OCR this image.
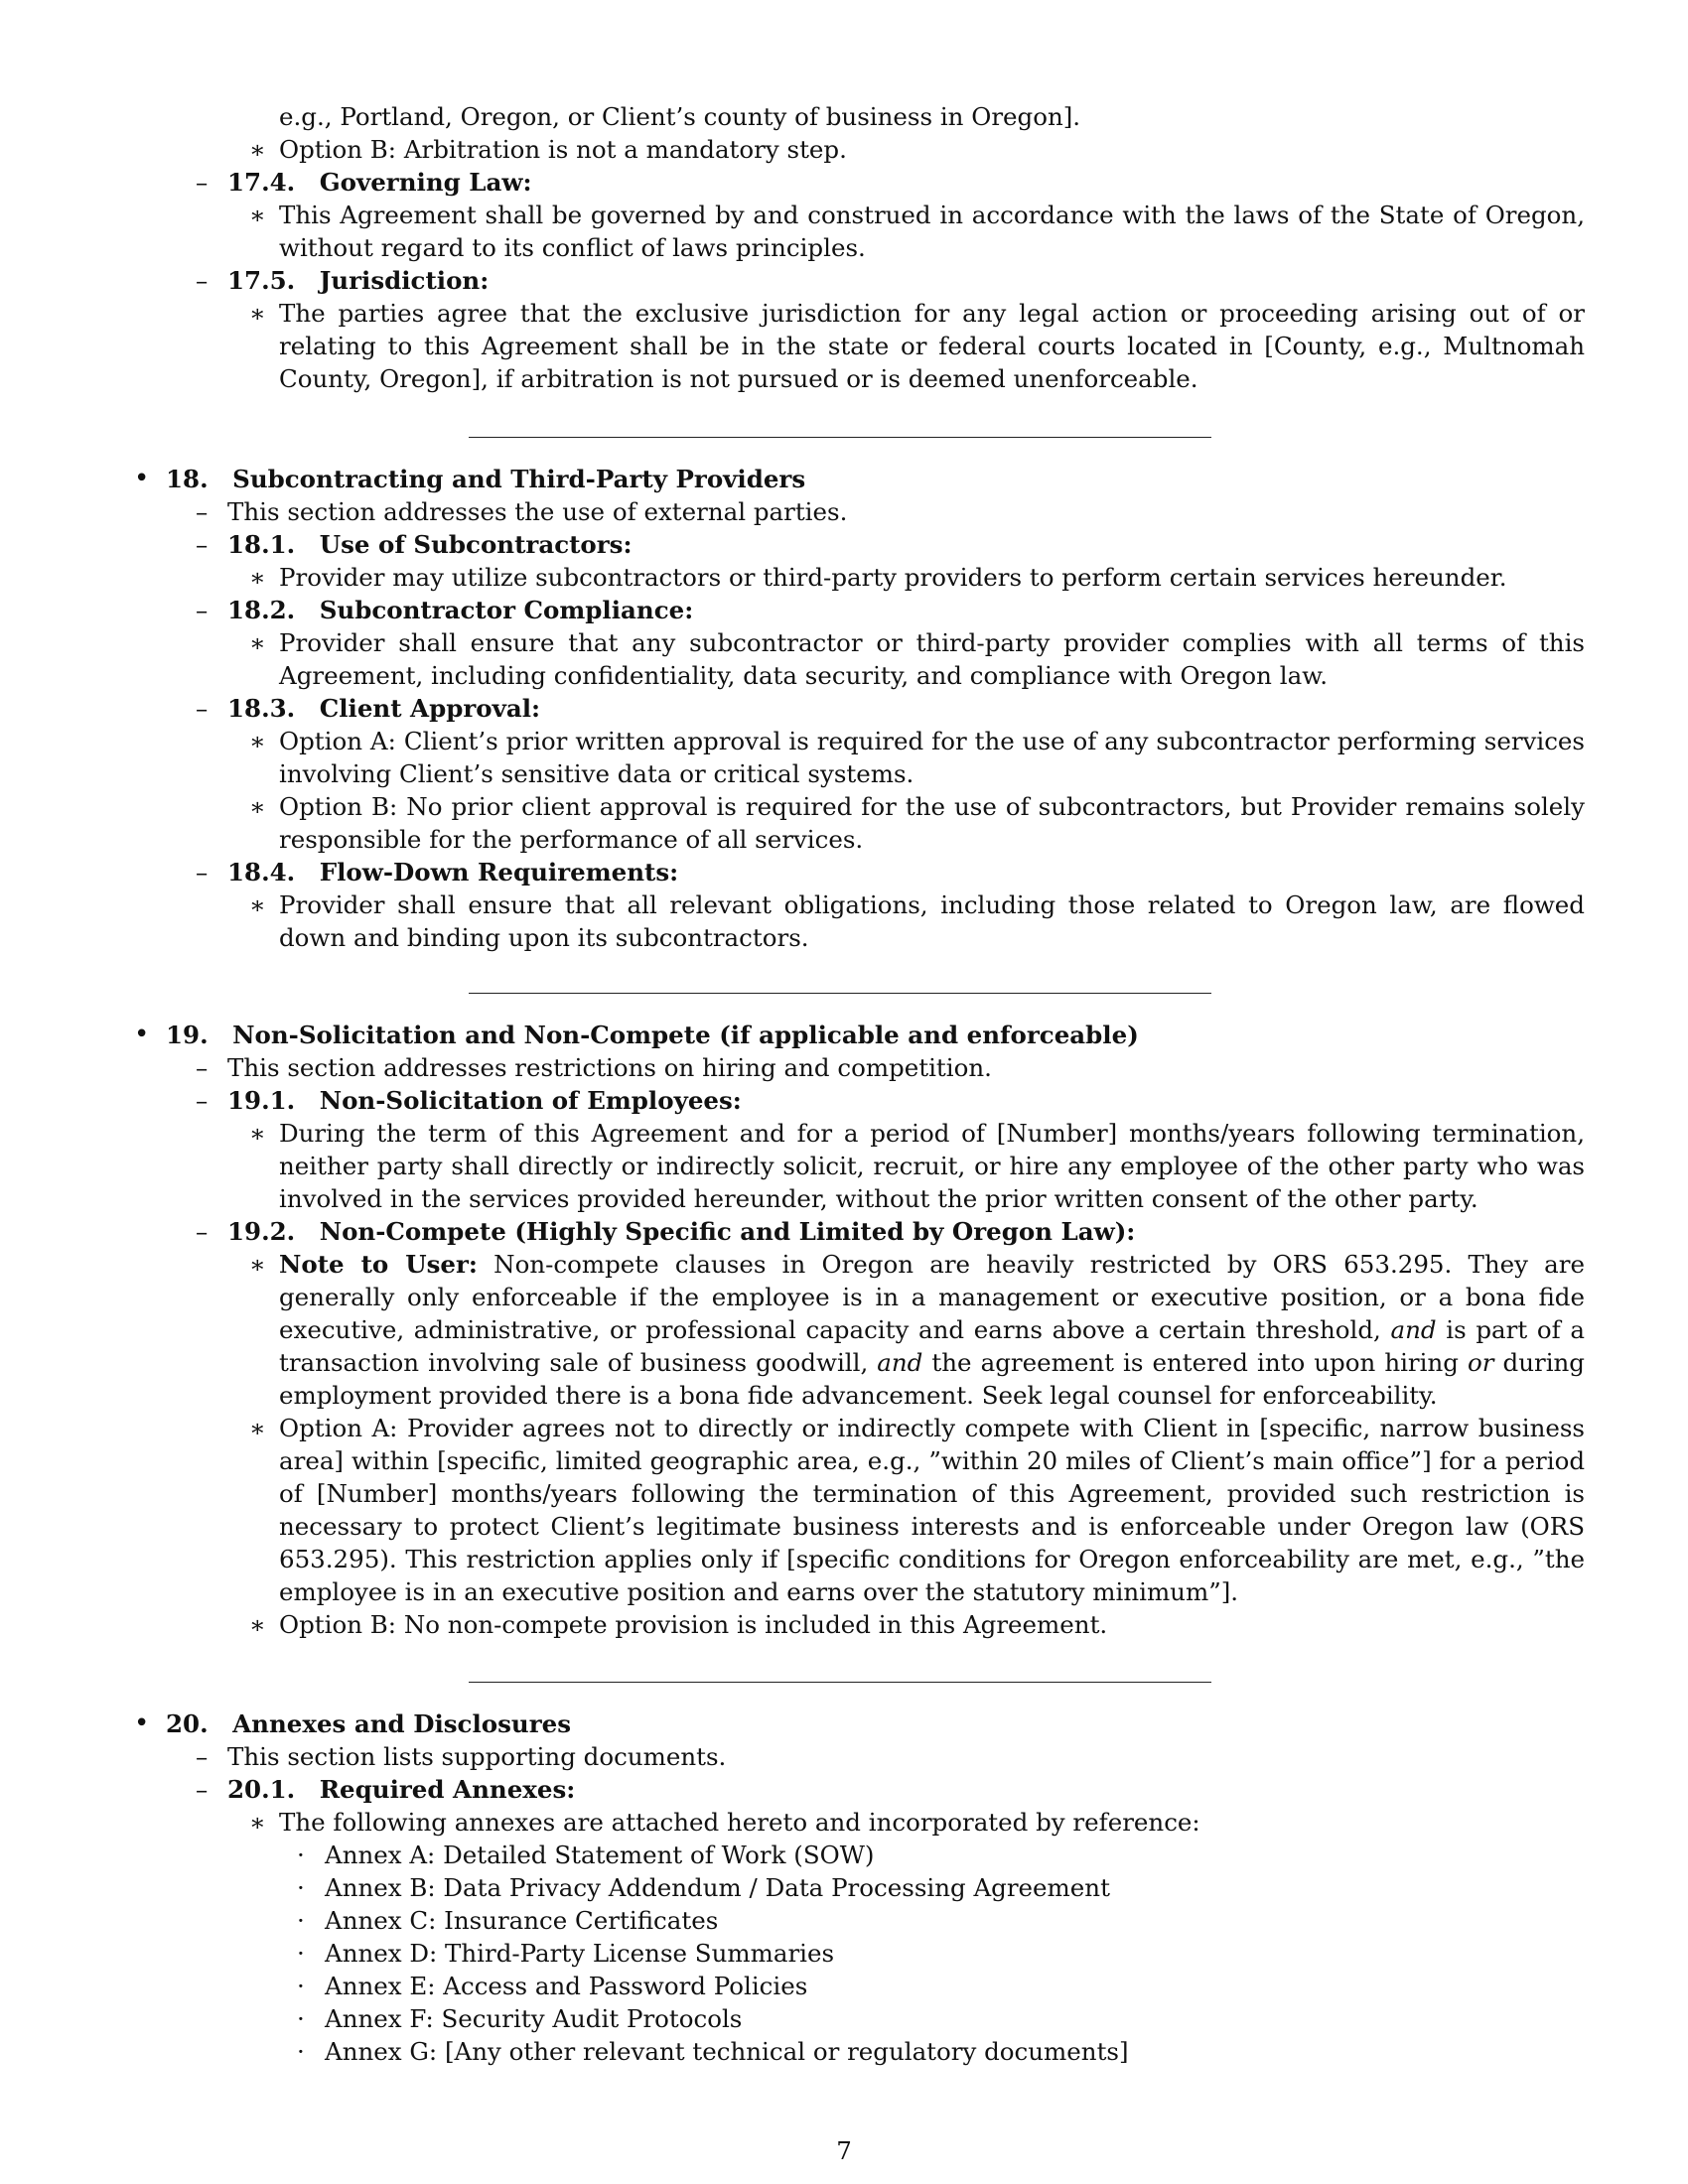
e.g., Portland, Oregon, or Client’s county of business in Oregon].
∗ Option B: Arbitration is not a mandatory step.
– 17.4. Governing Law:
∗ This Agreement shall be governed by and construed in accordance with the laws of the State of Oregon, without regard to its conflict of laws principles.
– 17.5. Jurisdiction:
∗ The parties agree that the exclusive jurisdiction for any legal action or proceeding arising out of or relating to this Agreement shall be in the state or federal courts located in [County, e.g., Multnomah County, Oregon], if arbitration is not pursued or is deemed unenforceable.
• 18. Subcontracting and Third-Party Providers
– This section addresses the use of external parties.
– 18.1. Use of Subcontractors:
∗ Provider may utilize subcontractors or third-party providers to perform certain services hereunder.
– 18.2. Subcontractor Compliance:
∗ Provider shall ensure that any subcontractor or third-party provider complies with all terms of this Agreement, including confidentiality, data security, and compliance with Oregon law.
– 18.3. Client Approval:
∗ Option A: Client’s prior written approval is required for the use of any subcontractor performing services involving Client’s sensitive data or critical systems.
∗ Option B: No prior client approval is required for the use of subcontractors, but Provider remains solely responsible for the performance of all services.
– 18.4. Flow-Down Requirements:
∗ Provider shall ensure that all relevant obligations, including those related to Oregon law, are flowed down and binding upon its subcontractors.
• 19. Non-Solicitation and Non-Compete (if applicable and enforceable)
– This section addresses restrictions on hiring and competition.
– 19.1. Non-Solicitation of Employees:
∗ During the term of this Agreement and for a period of [Number] months/years following termination, neither party shall directly or indirectly solicit, recruit, or hire any employee of the other party who was involved in the services provided hereunder, without the prior written consent of the other party.
– 19.2. Non-Compete (Highly Specific and Limited by Oregon Law):
∗ Note to User: Non-compete clauses in Oregon are heavily restricted by ORS 653.295. They are generally only enforceable if the employee is in a management or executive position, or a bona fide executive, administrative, or professional capacity and earns above a certain threshold, and is part of a transaction involving sale of business goodwill, and the agreement is entered into upon hiring or during employment provided there is a bona fide advancement. Seek legal counsel for enforceability.
∗ Option A: Provider agrees not to directly or indirectly compete with Client in [specific, narrow business area] within [specific, limited geographic area, e.g., ”within 20 miles of Client’s main office”] for a period of [Number] months/years following the termination of this Agreement, provided such restriction is necessary to protect Client’s legitimate business interests and is enforceable under Oregon law (ORS 653.295). This restriction applies only if [specific conditions for Oregon enforceability are met, e.g., ”the employee is in an executive position and earns over the statutory minimum”].
∗ Option B: No non-compete provision is included in this Agreement.
• 20. Annexes and Disclosures
– This section lists supporting documents.
– 20.1. Required Annexes:
∗ The following annexes are attached hereto and incorporated by reference:
· Annex A: Detailed Statement of Work (SOW)
· Annex B: Data Privacy Addendum / Data Processing Agreement
· Annex C: Insurance Certificates
· Annex D: Third-Party License Summaries
· Annex E: Access and Password Policies
· Annex F: Security Audit Protocols
· Annex G: [Any other relevant technical or regulatory documents]
7
